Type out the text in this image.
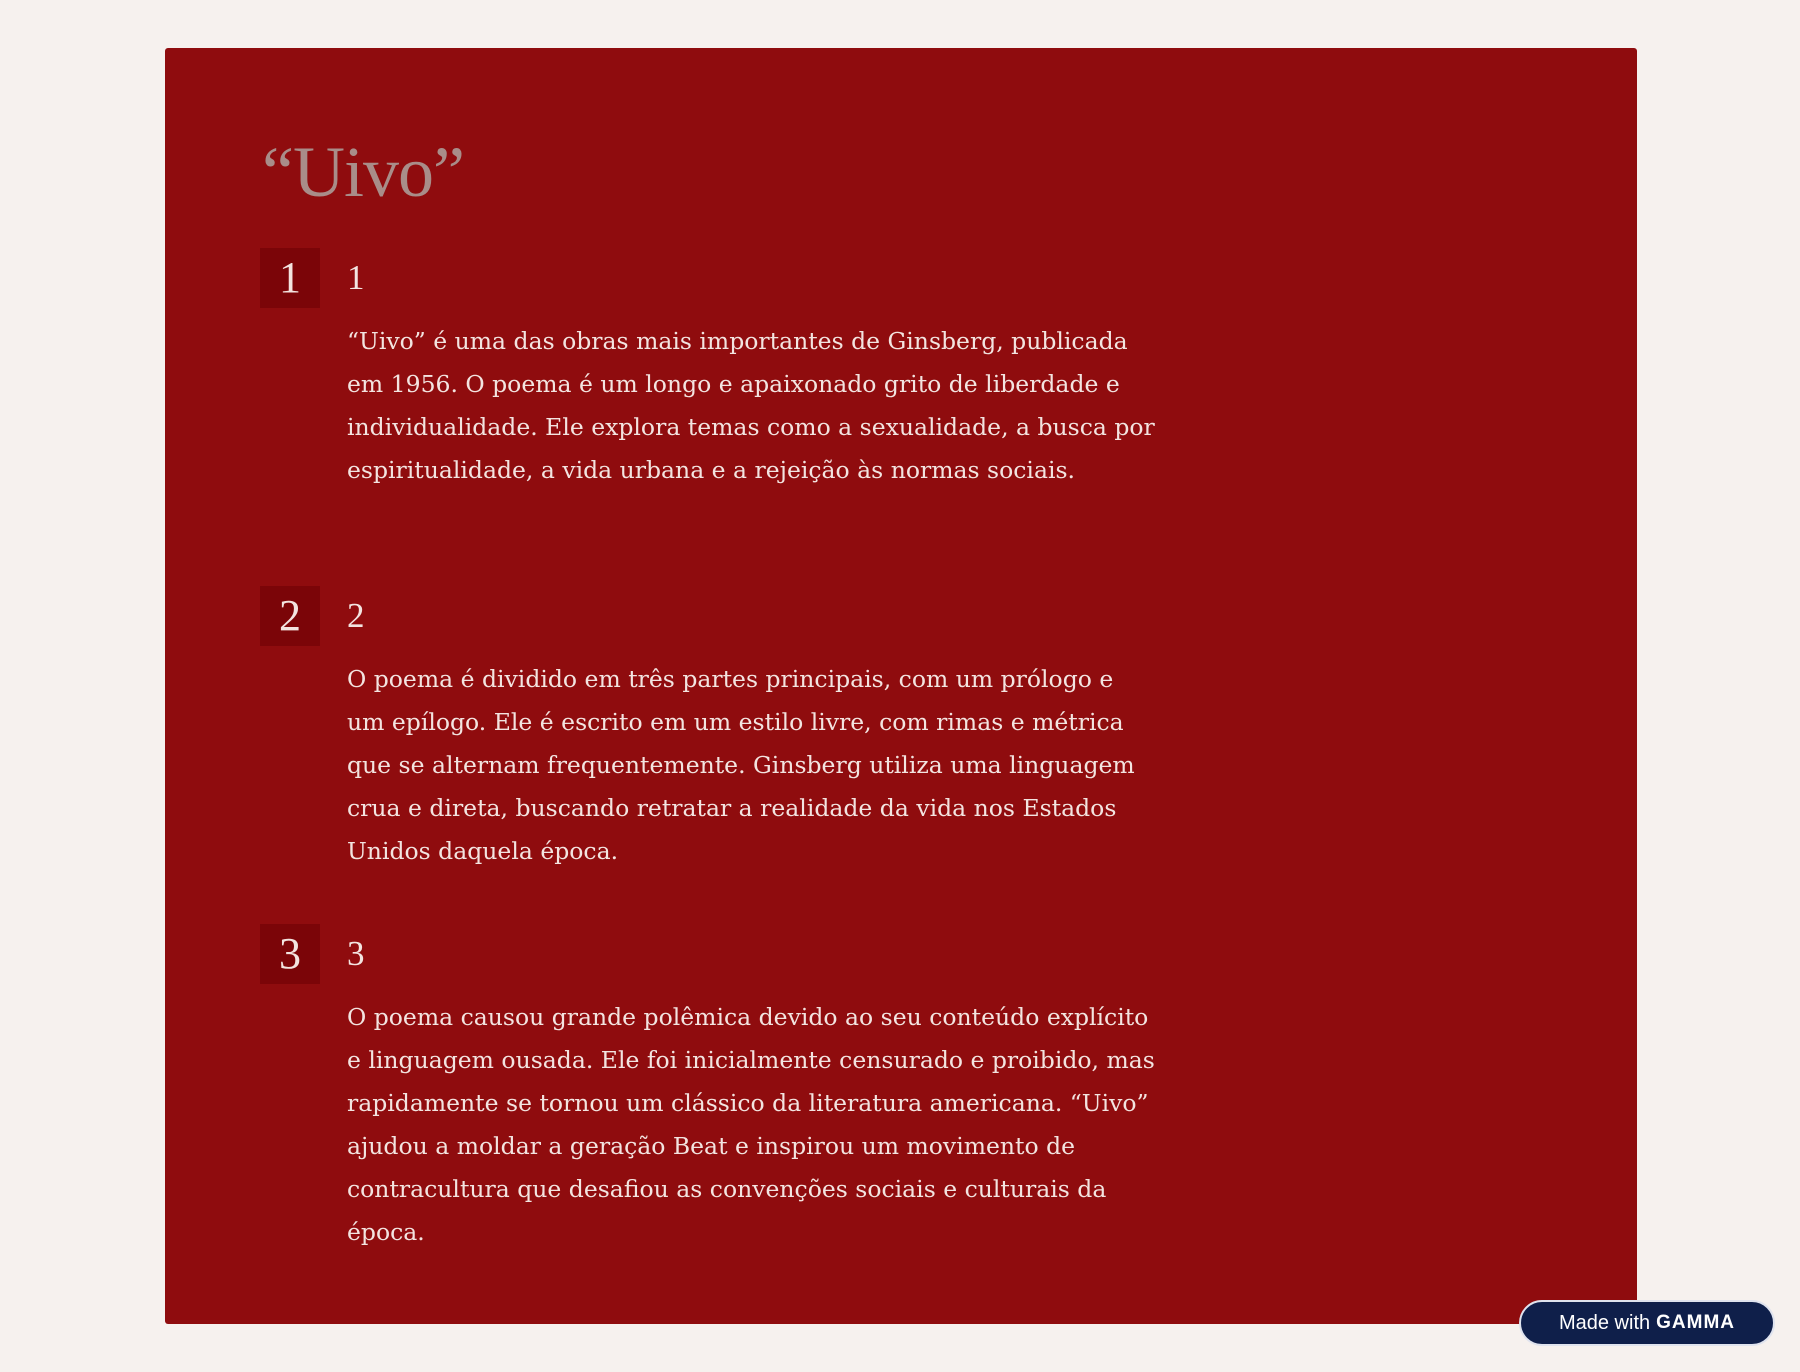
“Uivo”
1	1

“Uivo” é uma das obras mais importantes de Ginsberg, publicada em 1956. O poema é um longo e apaixonado grito de liberdade e individualidade. Ele explora temas como a sexualidade, a busca por espiritualidade, a vida urbana e a rejeição às normas sociais.

2	2

O poema é dividido em três partes principais, com um prólogo e um epílogo. Ele é escrito em um estilo livre, com rimas e métrica que se alternam frequentemente. Ginsberg utiliza uma linguagem crua e direta, buscando retratar a realidade da vida nos Estados Unidos daquela época.

3	3

O poema causou grande polêmica devido ao seu conteúdo explícito e linguagem ousada. Ele foi inicialmente censurado e proibido, mas rapidamente se tornou um clássico da literatura americana. “Uivo” ajudou a moldar a geração Beat e inspirou um movimento de contracultura que desafiou as convenções sociais e culturais da época.

Made with GAMMA
